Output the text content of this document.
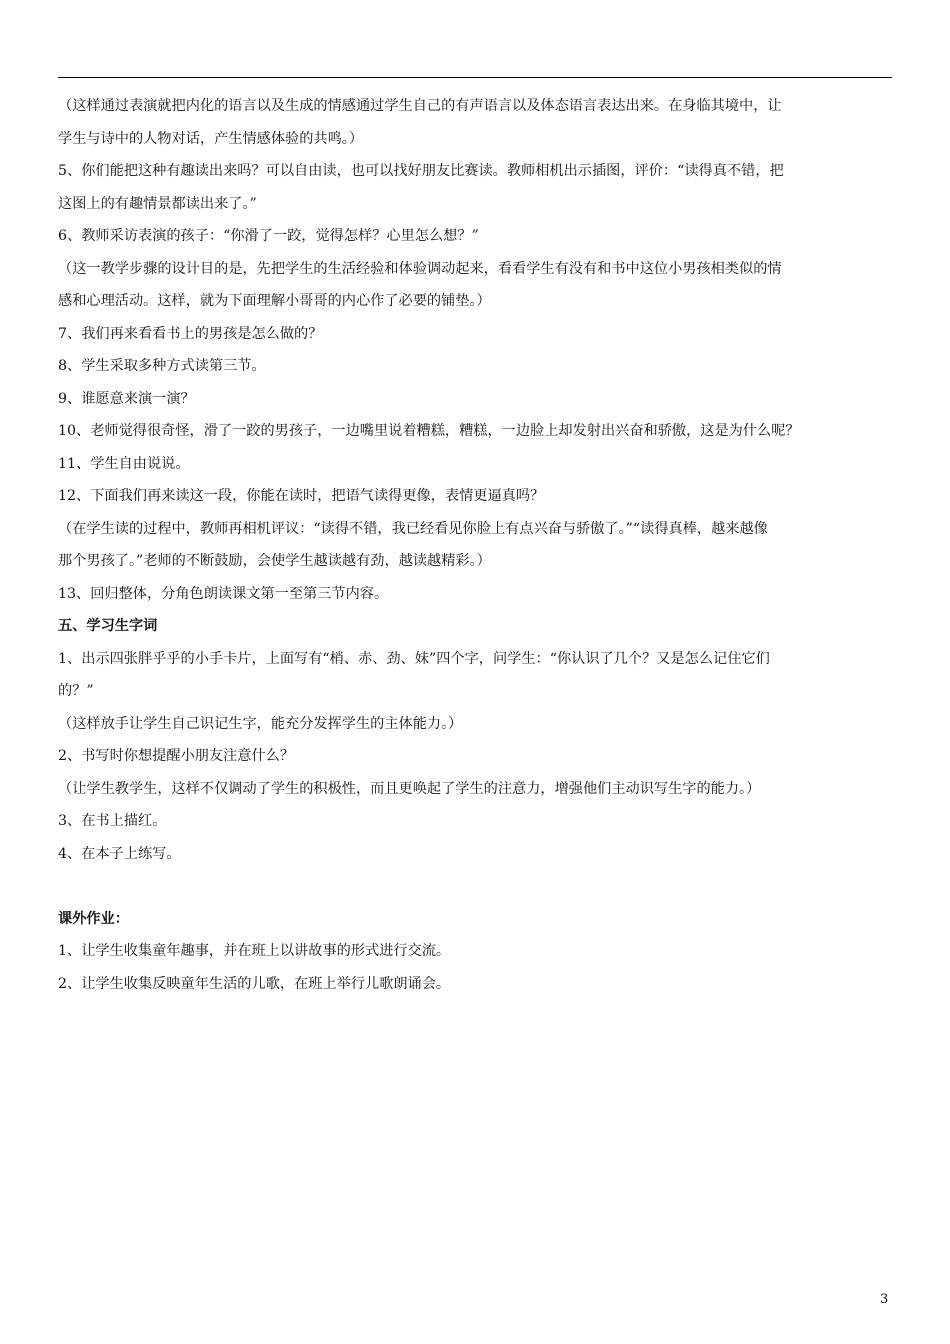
（这样通过表演就把内化的语言以及生成的情感通过学生自己的有声语言以及体态语言表达出来。在身临其境中，让
学生与诗中的人物对话，产生情感体验的共鸣。）
5、你们能把这种有趣读出来吗？可以自由读，也可以找好朋友比赛读。教师相机出示插图，评价：“读得真不错，把
这图上的有趣情景都读出来了。”
6、教师采访表演的孩子：“你滑了一跤，觉得怎样？心里怎么想？”
（这一教学步骤的设计目的是，先把学生的生活经验和体验调动起来，看看学生有没有和书中这位小男孩相类似的情
感和心理活动。这样，就为下面理解小哥哥的内心作了必要的铺垫。）
7、我们再来看看书上的男孩是怎么做的？
8、学生采取多种方式读第三节。
9、谁愿意来演一演？
10、老师觉得很奇怪，滑了一跤的男孩子，一边嘴里说着糟糕，糟糕，一边脸上却发射出兴奋和骄傲，这是为什么呢？
11、学生自由说说。
12、下面我们再来读这一段，你能在读时，把语气读得更像，表情更逼真吗？
（在学生读的过程中，教师再相机评议：“读得不错，我已经看见你脸上有点兴奋与骄傲了。”“读得真棒，越来越像
那个男孩了。”老师的不断鼓励，会使学生越读越有劲，越读越精彩。）
13、回归整体，分角色朗读课文第一至第三节内容。
五、学习生字词
1、出示四张胖乎乎的小手卡片，上面写有“梢、赤、劲、妹”四个字，问学生：“你认识了几个？又是怎么记住它们
的？”
（这样放手让学生自己识记生字，能充分发挥学生的主体能力。）
2、书写时你想提醒小朋友注意什么？
（让学生教学生，这样不仅调动了学生的积极性，而且更唤起了学生的注意力，增强他们主动识写生字的能力。）
3、在书上描红。
4、在本子上练写。
课外作业：
1、让学生收集童年趣事，并在班上以讲故事的形式进行交流。
2、让学生收集反映童年生活的儿歌，在班上举行儿歌朗诵会。
3
